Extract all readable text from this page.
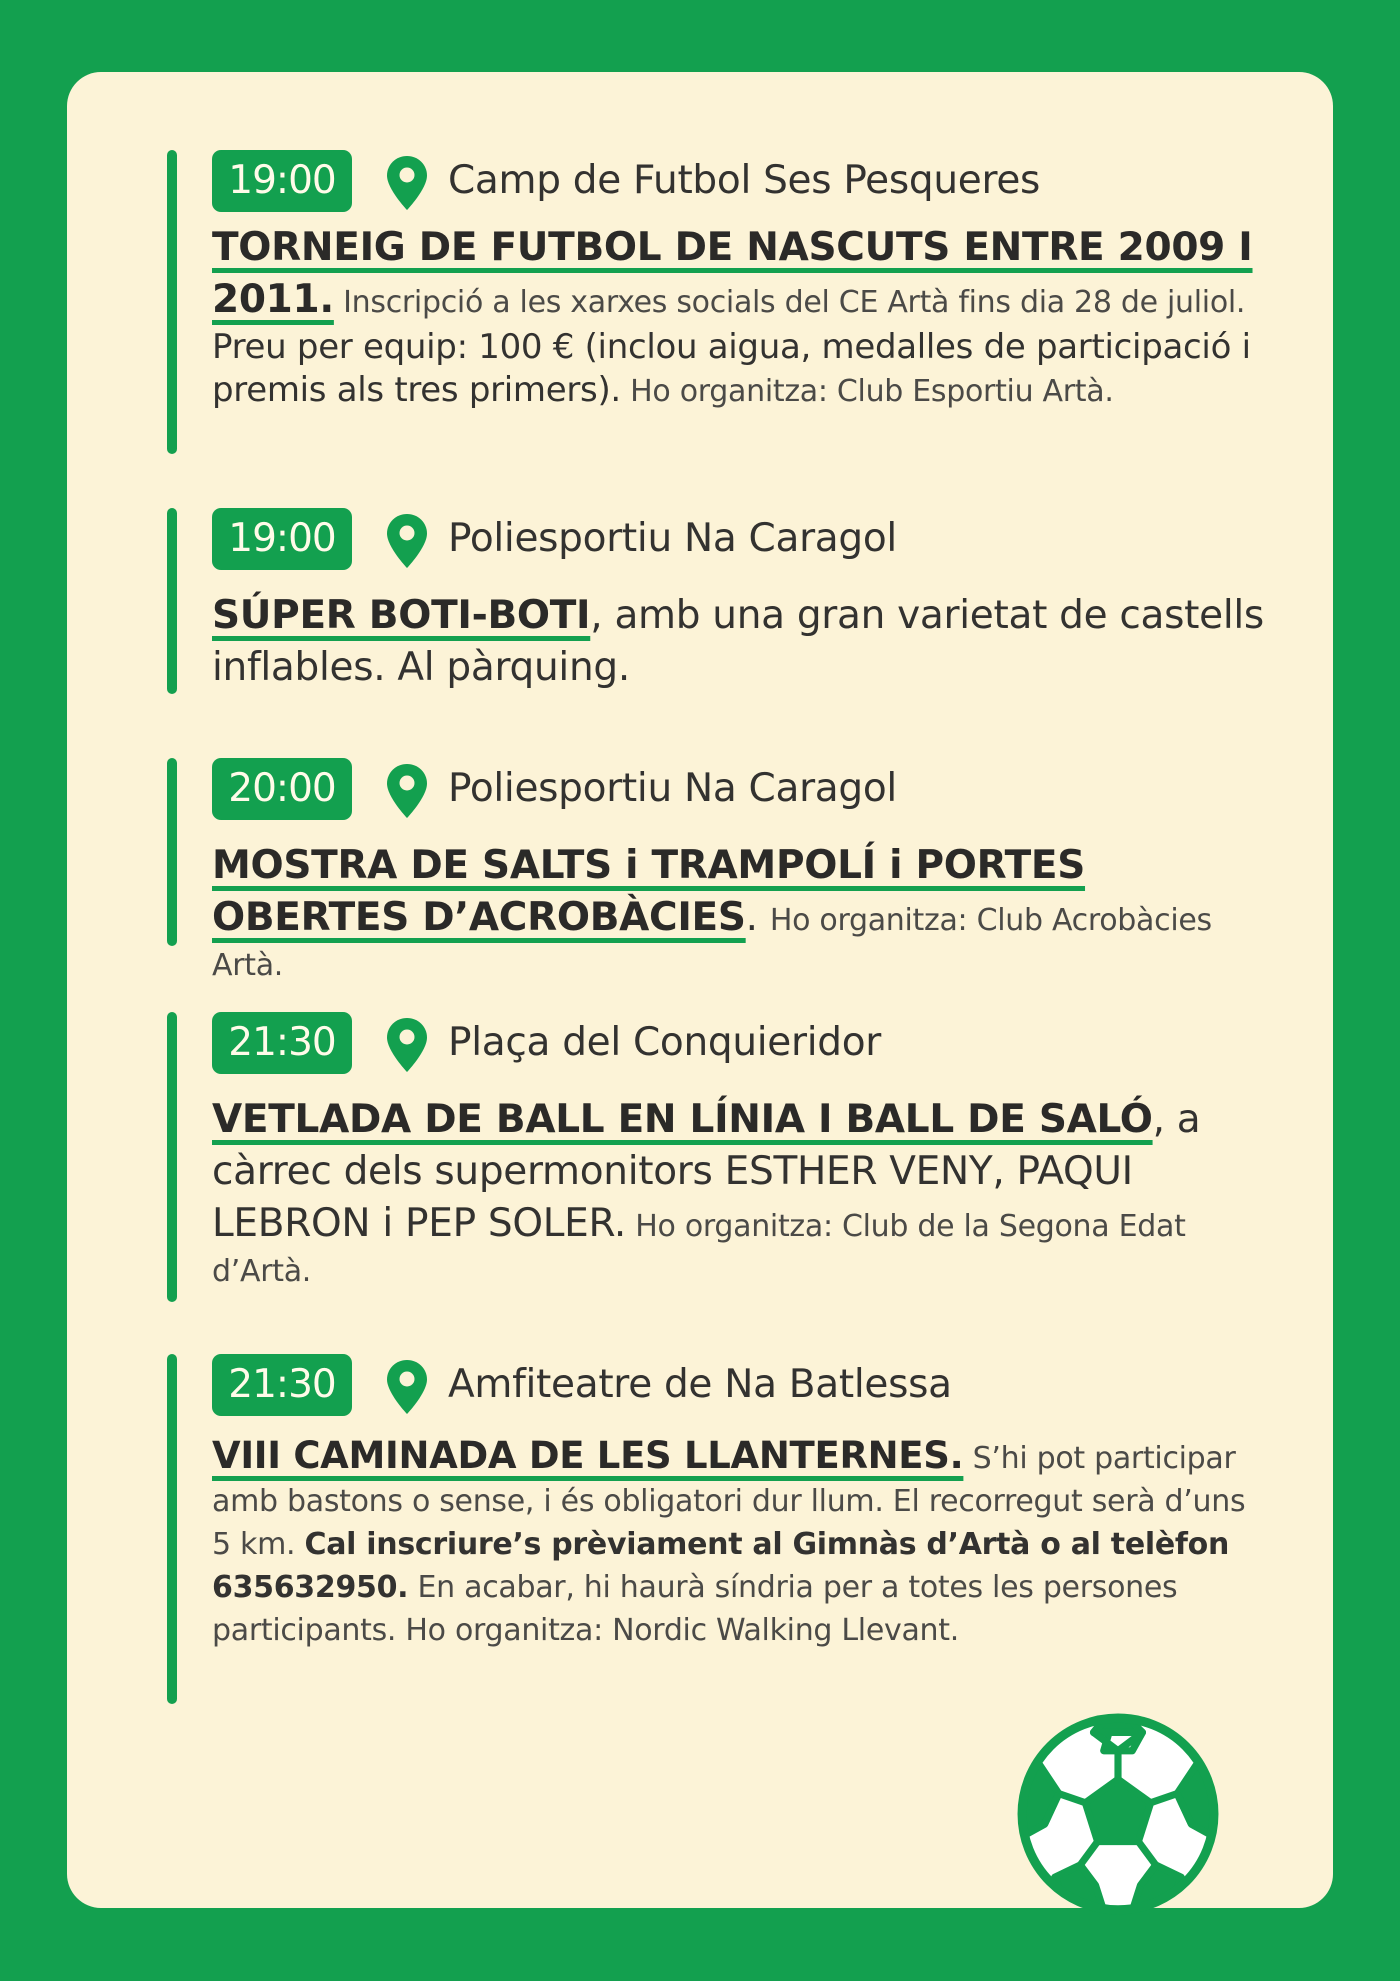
19:00	Camp de Futbol Ses Pesqueres
TORNEIG DE FUTBOL DE NASCUTS ENTRE 2009 I 2011. Inscripció a les xarxes socials del CE Artà fins dia 28 de juliol. Preu per equip: 100 € (inclou aigua, medalles de participació i premis als tres primers). Ho organitza: Club Esportiu Artà.
19:00	Poliesportiu Na Caragol
SÚPER BOTI-BOTI, amb una gran varietat de castells inflables. Al pàrquing.
20:00	Poliesportiu Na Caragol
MOSTRA DE SALTS i TRAMPOLÍ i PORTES OBERTES D’ACROBÀCIES. Ho organitza: Club Acrobàcies Artà.
21:30	Plaça del Conquieridor
VETLADA DE BALL EN LÍNIA I BALL DE SALÓ, a càrrec dels supermonitors ESTHER VENY, PAQUI LEBRON i PEP SOLER. Ho organitza: Club de la Segona Edat d’Artà.
21:30	Amfiteatre de Na Batlessa
VIII CAMINADA DE LES LLANTERNES. S’hi pot participar amb bastons o sense, i és obligatori dur llum. El recorregut serà d’uns 5 km. Cal inscriure’s prèviament al Gimnàs d’Artà o al telèfon 635632950. En acabar, hi haurà síndria per a totes les persones participants. Ho organitza: Nordic Walking Llevant.
